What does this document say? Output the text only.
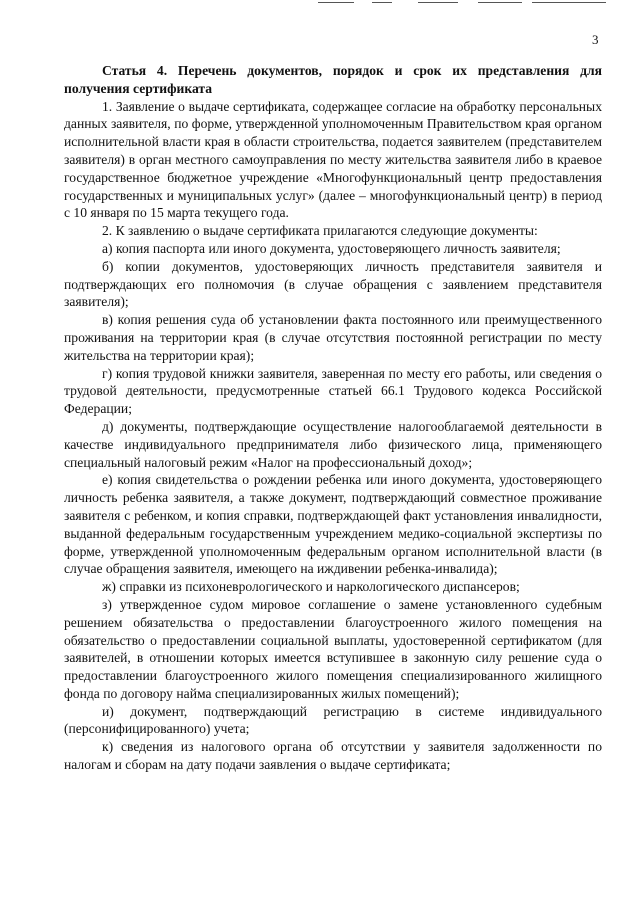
3

Статья 4. Перечень документов, порядок и срок их представления для получения сертификата

1. Заявление о выдаче сертификата, содержащее согласие на обработку персональных данных заявителя, по форме, утвержденной уполномоченным Правительством края органом исполнительной власти края в области строительства, подается заявителем (представителем заявителя) в орган местного самоуправления по месту жительства заявителя либо в краевое государственное бюджетное учреждение «Многофункциональный центр предоставления государственных и муниципальных услуг» (далее – многофункциональный центр) в период с 10 января по 15 марта текущего года.

2. К заявлению о выдаче сертификата прилагаются следующие документы:

а) копия паспорта или иного документа, удостоверяющего личность заявителя;

б) копии документов, удостоверяющих личность представителя заявителя и подтверждающих его полномочия (в случае обращения с заявлением представителя заявителя);

в) копия решения суда об установлении факта постоянного или преимущественного проживания на территории края (в случае отсутствия постоянной регистрации по месту жительства на территории края);

г) копия трудовой книжки заявителя, заверенная по месту его работы, или сведения о трудовой деятельности, предусмотренные статьей 66.1 Трудового кодекса Российской Федерации;

д) документы, подтверждающие осуществление налогооблагаемой деятельности в качестве индивидуального предпринимателя либо физического лица, применяющего специальный налоговый режим «Налог на профессиональный доход»;

е) копия свидетельства о рождении ребенка или иного документа, удостоверяющего личность ребенка заявителя, а также документ, подтверждающий совместное проживание заявителя с ребенком, и копия справки, подтверждающей факт установления инвалидности, выданной федеральным государственным учреждением медико-социальной экспертизы по форме, утвержденной уполномоченным федеральным органом исполнительной власти (в случае обращения заявителя, имеющего на иждивении ребенка-инвалида);

ж) справки из психоневрологического и наркологического диспансеров;

з) утвержденное судом мировое соглашение о замене установленного судебным решением обязательства о предоставлении благоустроенного жилого помещения на обязательство о предоставлении социальной выплаты, удостоверенной сертификатом (для заявителей, в отношении которых имеется вступившее в законную силу решение суда о предоставлении благоустроенного жилого помещения специализированного жилищного фонда по договору найма специализированных жилых помещений);

и) документ, подтверждающий регистрацию в системе индивидуального (персонифицированного) учета;

к) сведения из налогового органа об отсутствии у заявителя задолженности по налогам и сборам на дату подачи заявления о выдаче сертификата;
